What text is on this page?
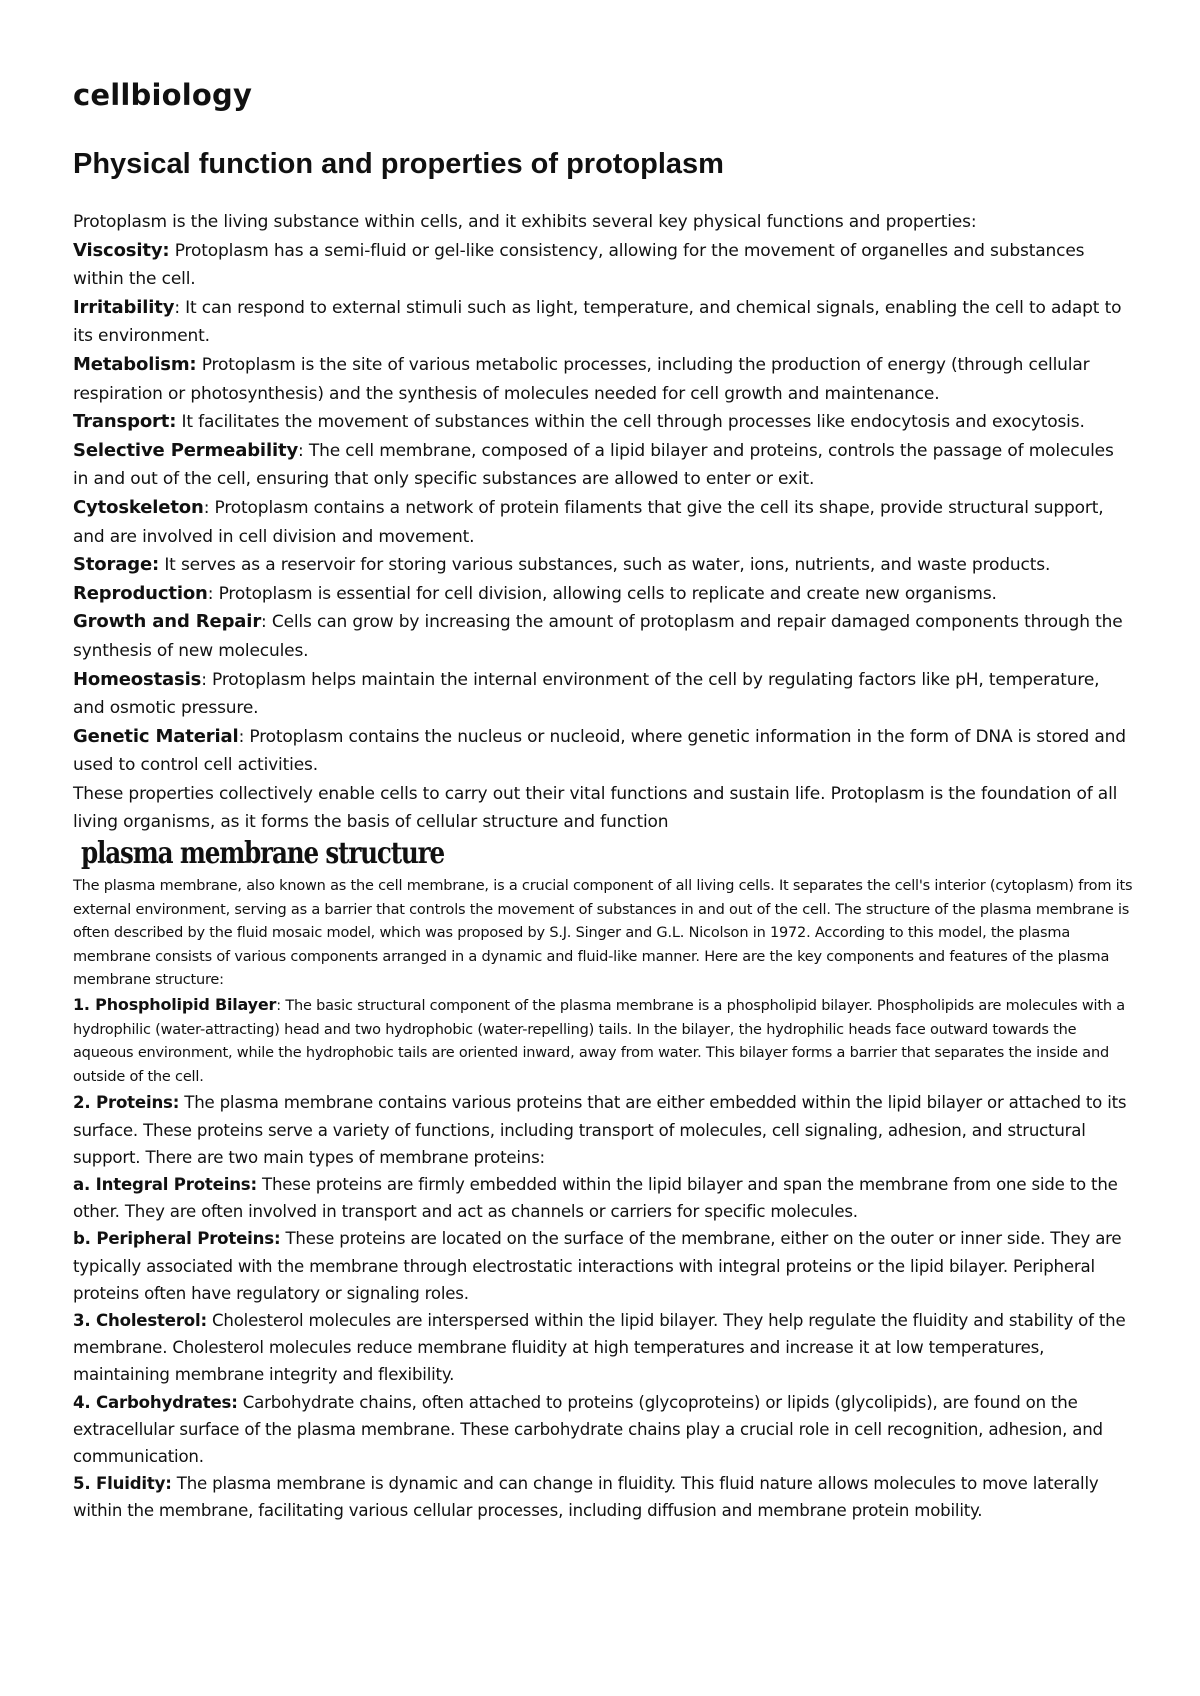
cellbiology
Physical function and properties of protoplasm

Protoplasm is the living substance within cells, and it exhibits several key physical functions and properties:

Viscosity: Protoplasm has a semi-fluid or gel-like consistency, allowing for the movement of organelles and substances within the cell.

Irritability: It can respond to external stimuli such as light, temperature, and chemical signals, enabling the cell to adapt to its environment.

Metabolism: Protoplasm is the site of various metabolic processes, including the production of energy (through cellular respiration or photosynthesis) and the synthesis of molecules needed for cell growth and maintenance.

Transport: It facilitates the movement of substances within the cell through processes like endocytosis and exocytosis.

Selective Permeability: The cell membrane, composed of a lipid bilayer and proteins, controls the passage of molecules in and out of the cell, ensuring that only specific substances are allowed to enter or exit.

Cytoskeleton: Protoplasm contains a network of protein filaments that give the cell its shape, provide structural support, and are involved in cell division and movement.

Storage: It serves as a reservoir for storing various substances, such as water, ions, nutrients, and waste products.

Reproduction: Protoplasm is essential for cell division, allowing cells to replicate and create new organisms.

Growth and Repair: Cells can grow by increasing the amount of protoplasm and repair damaged components through the synthesis of new molecules.

Homeostasis: Protoplasm helps maintain the internal environment of the cell by regulating factors like pH, temperature, and osmotic pressure.

Genetic Material: Protoplasm contains the nucleus or nucleoid, where genetic information in the form of DNA is stored and used to control cell activities.

These properties collectively enable cells to carry out their vital functions and sustain life. Protoplasm is the foundation of all living organisms, as it forms the basis of cellular structure and function

plasma membrane structure

The plasma membrane, also known as the cell membrane, is a crucial component of all living cells. It separates the cell's interior (cytoplasm) from its external environment, serving as a barrier that controls the movement of substances in and out of the cell. The structure of the plasma membrane is often described by the fluid mosaic model, which was proposed by S.J. Singer and G.L. Nicolson in 1972. According to this model, the plasma membrane consists of various components arranged in a dynamic and fluid-like manner. Here are the key components and features of the plasma membrane structure:

1. Phospholipid Bilayer: The basic structural component of the plasma membrane is a phospholipid bilayer. Phospholipids are molecules with a hydrophilic (water-attracting) head and two hydrophobic (water-repelling) tails. In the bilayer, the hydrophilic heads face outward towards the aqueous environment, while the hydrophobic tails are oriented inward, away from water. This bilayer forms a barrier that separates the inside and outside of the cell.

2. Proteins: The plasma membrane contains various proteins that are either embedded within the lipid bilayer or attached to its surface. These proteins serve a variety of functions, including transport of molecules, cell signaling, adhesion, and structural support. There are two main types of membrane proteins:

a. Integral Proteins: These proteins are firmly embedded within the lipid bilayer and span the membrane from one side to the other. They are often involved in transport and act as channels or carriers for specific molecules.

b. Peripheral Proteins: These proteins are located on the surface of the membrane, either on the outer or inner side. They are typically associated with the membrane through electrostatic interactions with integral proteins or the lipid bilayer. Peripheral proteins often have regulatory or signaling roles.

3. Cholesterol: Cholesterol molecules are interspersed within the lipid bilayer. They help regulate the fluidity and stability of the membrane. Cholesterol molecules reduce membrane fluidity at high temperatures and increase it at low temperatures, maintaining membrane integrity and flexibility.

4. Carbohydrates: Carbohydrate chains, often attached to proteins (glycoproteins) or lipids (glycolipids), are found on the extracellular surface of the plasma membrane. These carbohydrate chains play a crucial role in cell recognition, adhesion, and communication.

5. Fluidity: The plasma membrane is dynamic and can change in fluidity. This fluid nature allows molecules to move laterally within the membrane, facilitating various cellular processes, including diffusion and membrane protein mobility.
